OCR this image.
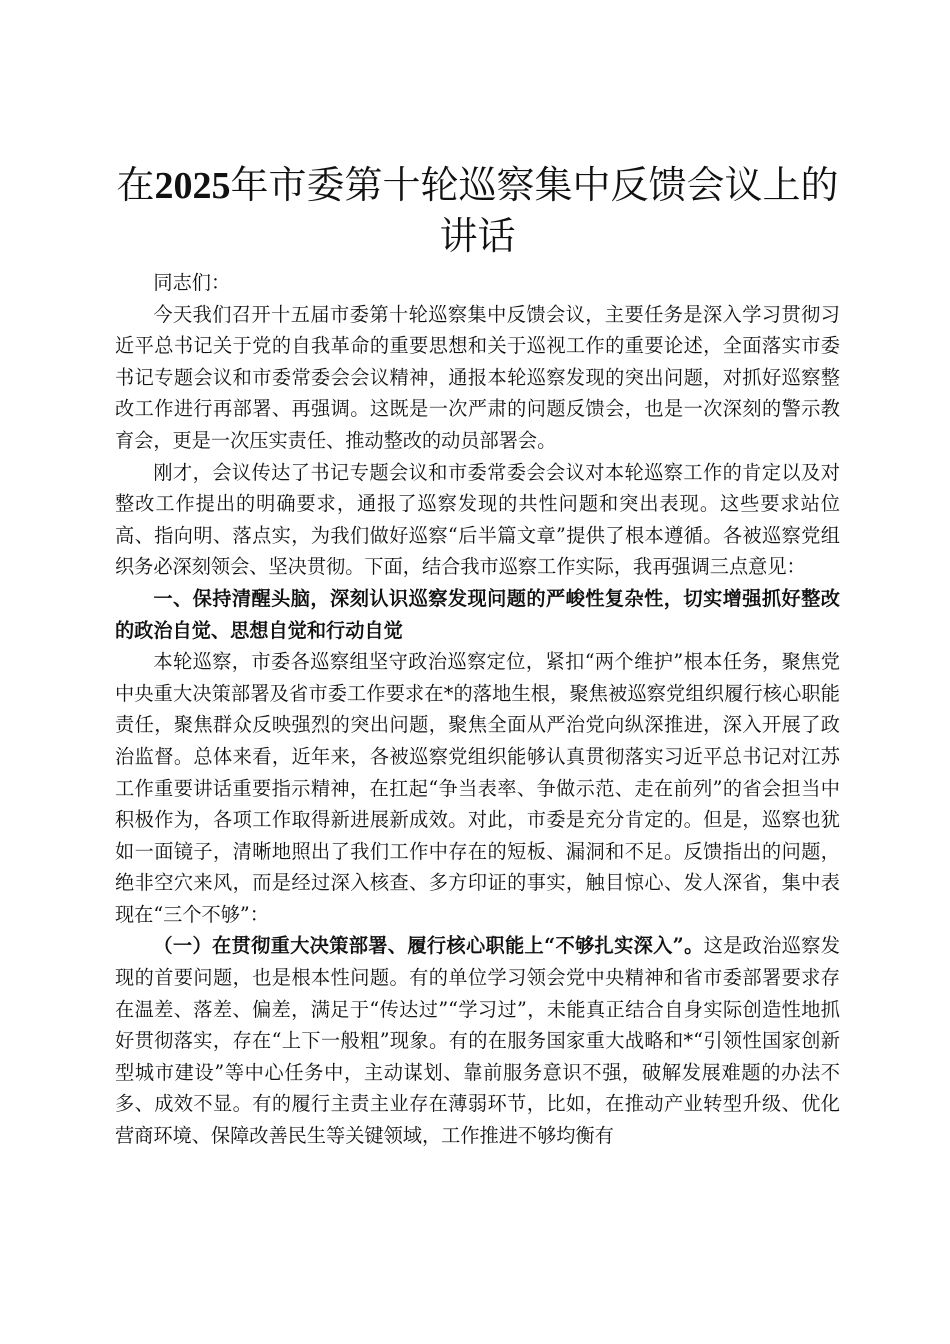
在2025年市委第十轮巡察集中反馈会议上的
讲话

同志们：

今天我们召开十五届市委第十轮巡察集中反馈会议，主要任务是深入学习贯彻习近平总书记关于党的自我革命的重要思想和关于巡视工作的重要论述，全面落实市委书记专题会议和市委常委会会议精神，通报本轮巡察发现的突出问题，对抓好巡察整改工作进行再部署、再强调。这既是一次严肃的问题反馈会，也是一次深刻的警示教育会，更是一次压实责任、推动整改的动员部署会。

刚才，会议传达了书记专题会议和市委常委会会议对本轮巡察工作的肯定以及对整改工作提出的明确要求，通报了巡察发现的共性问题和突出表现。这些要求站位高、指向明、落点实，为我们做好巡察“后半篇文章”提供了根本遵循。各被巡察党组织务必深刻领会、坚决贯彻。下面，结合我市巡察工作实际，我再强调三点意见：

一、保持清醒头脑，深刻认识巡察发现问题的严峻性复杂性，切实增强抓好整改的政治自觉、思想自觉和行动自觉

本轮巡察，市委各巡察组坚守政治巡察定位，紧扣“两个维护”根本任务，聚焦党中央重大决策部署及省市委工作要求在*的落地生根，聚焦被巡察党组织履行核心职能责任，聚焦群众反映强烈的突出问题，聚焦全面从严治党向纵深推进，深入开展了政治监督。总体来看，近年来，各被巡察党组织能够认真贯彻落实习近平总书记对江苏工作重要讲话重要指示精神，在扛起“争当表率、争做示范、走在前列”的省会担当中积极作为，各项工作取得新进展新成效。对此，市委是充分肯定的。但是，巡察也犹如一面镜子，清晰地照出了我们工作中存在的短板、漏洞和不足。反馈指出的问题，绝非空穴来风，而是经过深入核查、多方印证的事实，触目惊心、发人深省，集中表现在“三个不够”：

（一）在贯彻重大决策部署、履行核心职能上“不够扎实深入”。这是政治巡察发现的首要问题，也是根本性问题。有的单位学习领会党中央精神和省市委部署要求存在温差、落差、偏差，满足于“传达过”“学习过”，未能真正结合自身实际创造性地抓好贯彻落实，存在“上下一般粗”现象。有的在服务国家重大战略和*“引领性国家创新型城市建设”等中心任务中，主动谋划、靠前服务意识不强，破解发展难题的办法不多、成效不显。有的履行主责主业存在薄弱环节，比如，在推动产业转型升级、优化营商环境、保障改善民生等关键领域，工作推进不够均衡有
